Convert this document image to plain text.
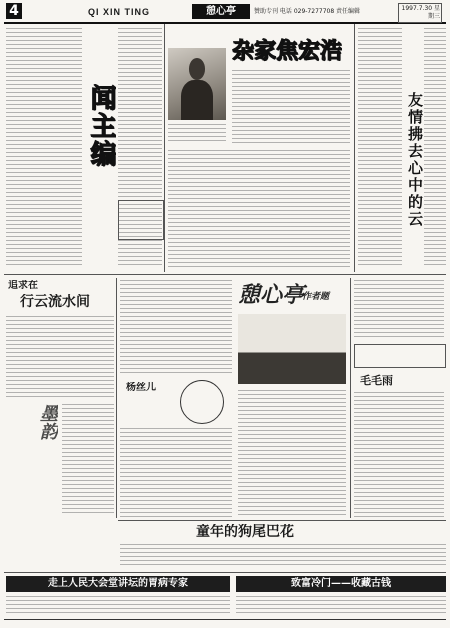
4	QI XIN TING	憩心亭	赞助专刊 电话 029-7277708 责任编辑	1997.7.30 星期三
闻主编
杂家焦宏浩
友情拂去心中的云
追求在
行云流水间
墨韵
杨丝儿
憩心亭
作者题
毛毛雨
童年的狗尾巴花
走上人民大会堂讲坛的胃病专家	致富冷门——收藏古钱
